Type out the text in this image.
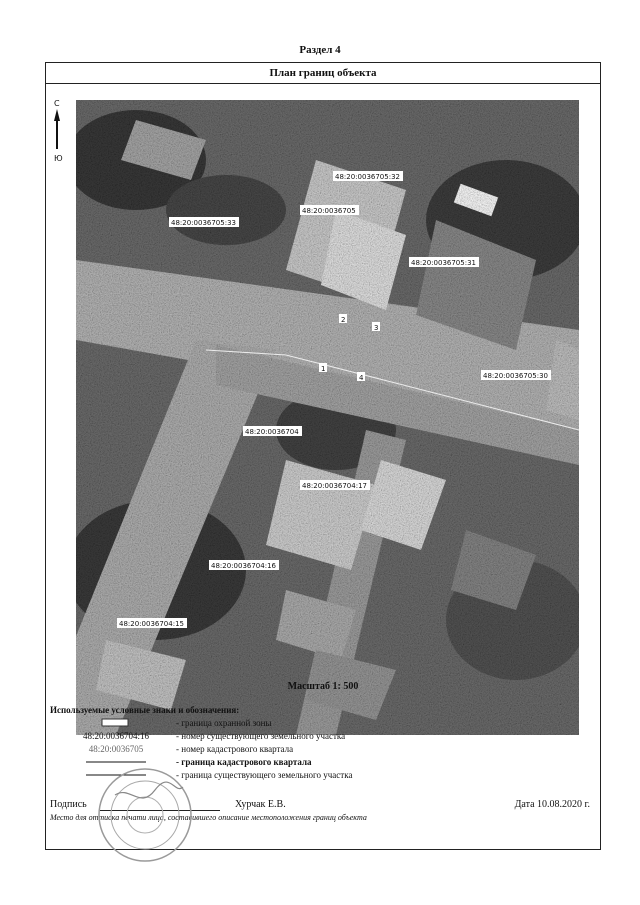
Раздел 4
План границ объекта
С
Ю
2
3
1
4
48:20:0036705:32
48:20:0036705
48:20:0036705:33
48:20:0036705:31
48:20:0036705:30
48:20:0036704
48:20:0036704:17
48:20:0036704:16
48:20:0036704:15
Масштаб 1: 500
Используемые условные знаки и обозначения:
- граница охранной зоны
48:20:0036704:16	- номер существующего земельного участка
48:20:0036705	- номер кадастрового квартала
- граница кадастрового квартала
- граница существующего земельного участка
Подпись	Хурчак Е.В.	Дата 10.08.2020 г.
Место для оттиска печати лица, составившего описание местоположения границ объекта
